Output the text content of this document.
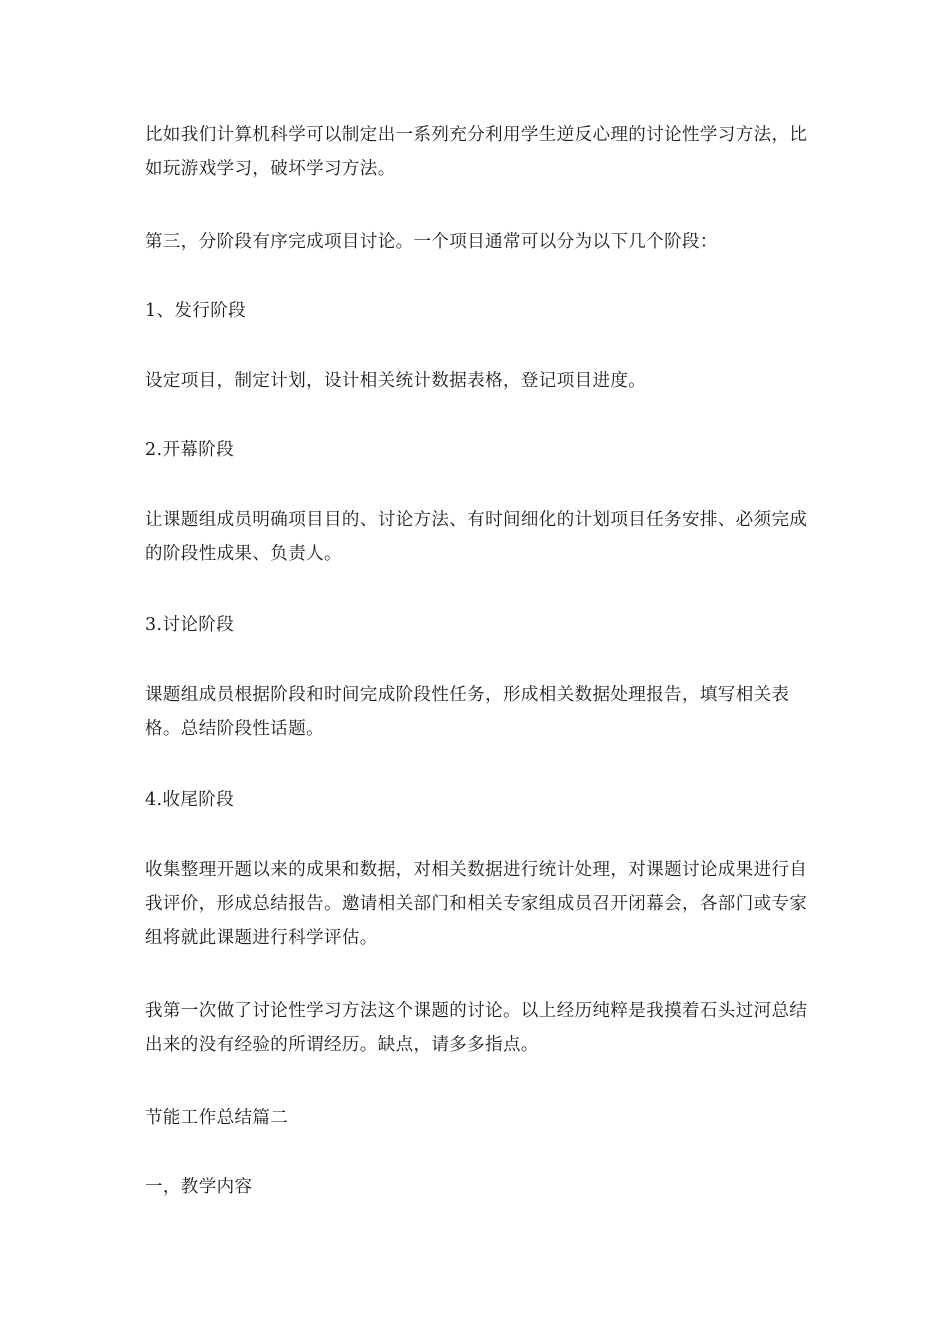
比如我们计算机科学可以制定出一系列充分利用学生逆反心理的讨论性学习方法，比如玩游戏学习，破坏学习方法。

第三，分阶段有序完成项目讨论。一个项目通常可以分为以下几个阶段：

1、发行阶段

设定项目，制定计划，设计相关统计数据表格，登记项目进度。

2.开幕阶段

让课题组成员明确项目目的、讨论方法、有时间细化的计划项目任务安排、必须完成的阶段性成果、负责人。

3.讨论阶段

课题组成员根据阶段和时间完成阶段性任务，形成相关数据处理报告，填写相关表格。总结阶段性话题。

4.收尾阶段

收集整理开题以来的成果和数据，对相关数据进行统计处理，对课题讨论成果进行自我评价，形成总结报告。邀请相关部门和相关专家组成员召开闭幕会，各部门或专家组将就此课题进行科学评估。

我第一次做了讨论性学习方法这个课题的讨论。以上经历纯粹是我摸着石头过河总结出来的没有经验的所谓经历。缺点，请多多指点。

节能工作总结篇二

一，教学内容
